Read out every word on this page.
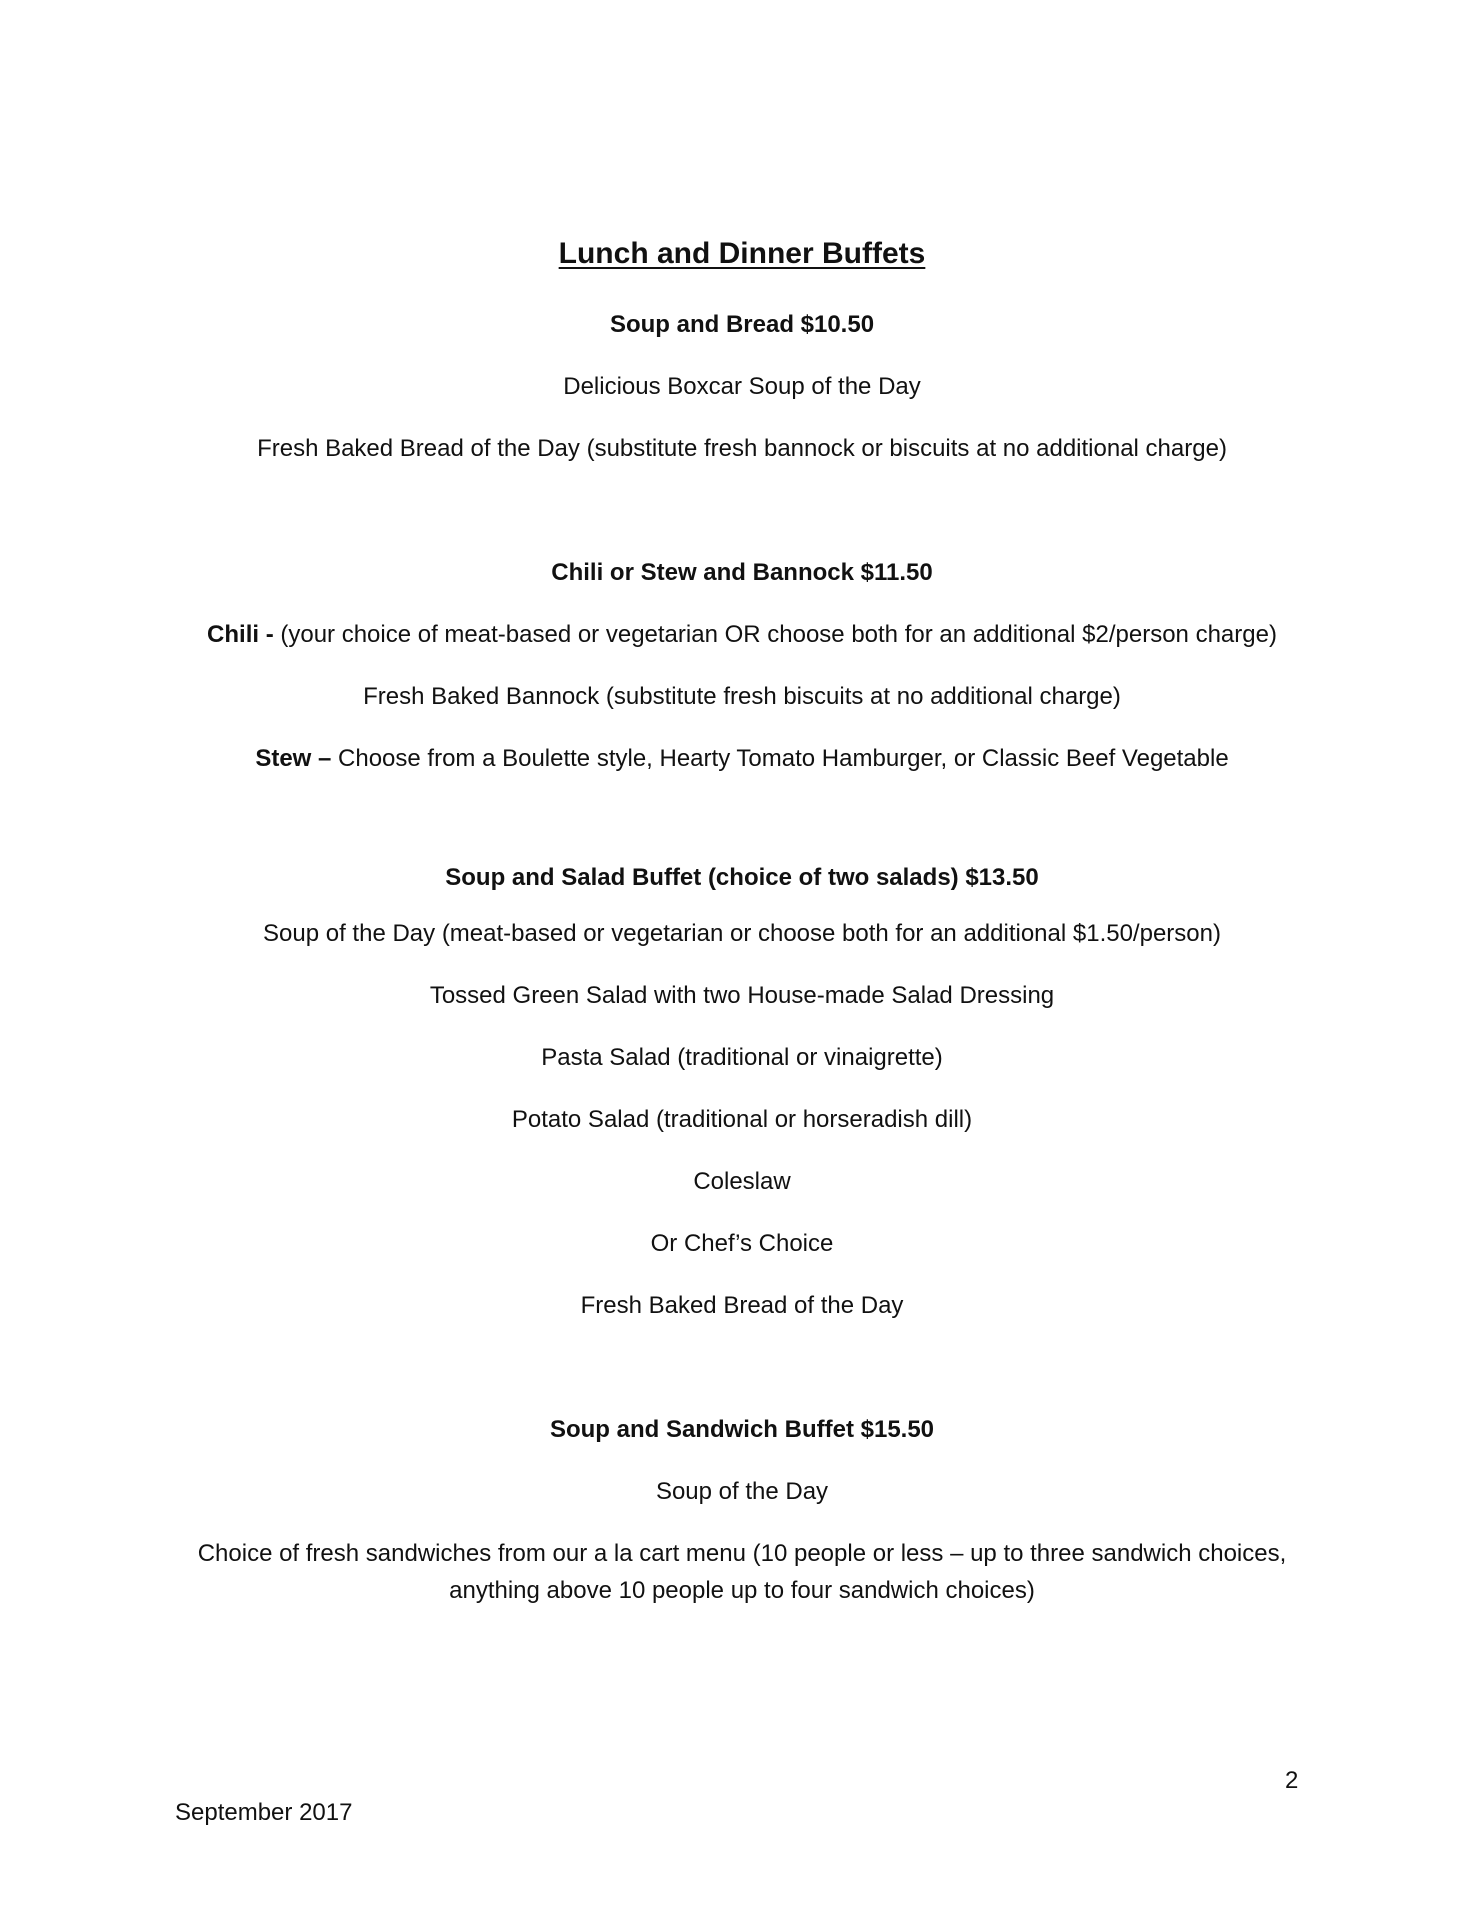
Lunch and Dinner Buffets
Soup and Bread $10.50
Delicious Boxcar Soup of the Day
Fresh Baked Bread of the Day (substitute fresh bannock or biscuits at no additional charge)
Chili or Stew and Bannock $11.50
Chili - (your choice of meat-based or vegetarian OR choose both for an additional $2/person charge)
Fresh Baked Bannock (substitute fresh biscuits at no additional charge)
Stew – Choose from a Boulette style, Hearty Tomato Hamburger, or Classic Beef Vegetable
Soup and Salad Buffet (choice of two salads) $13.50
Soup of the Day (meat-based or vegetarian or choose both for an additional $1.50/person)
Tossed Green Salad with two House-made Salad Dressing
Pasta Salad (traditional or vinaigrette)
Potato Salad (traditional or horseradish dill)
Coleslaw
Or Chef’s Choice
Fresh Baked Bread of the Day
Soup and Sandwich Buffet $15.50
Soup of the Day
Choice of fresh sandwiches from our a la cart menu (10 people or less – up to three sandwich choices,
anything above 10 people up to four sandwich choices)
2
September 2017
